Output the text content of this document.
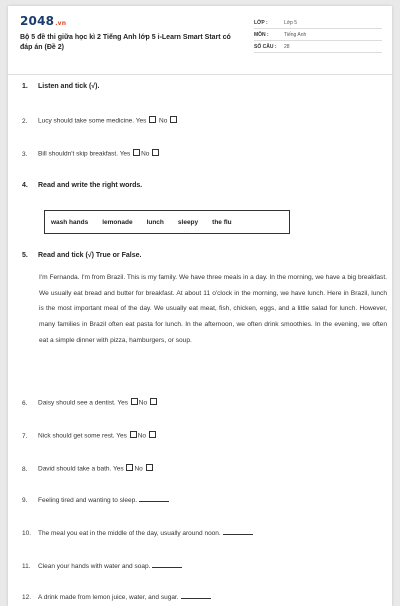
2048.vn
Bộ 5 đề thi giữa học kì 2 Tiếng Anh lớp 5 i-Learn Smart Start có đáp án (Đề 2)
LỚP :	Lớp 5
MÔN :	Tiếng Anh
SỐ CÂU :	28
1. Listen and tick (√).
2. Lucy should take some medicine. Yes No
3. Bill shouldn't skip breakfast. Yes No
4. Read and write the right words.
wash hands lemonade lunch sleepy the flu
5. Read and tick (√) True or False.
I'm Fernanda. I'm from Brazil. This is my family. We have three meals in a day. In the morning, we have a big breakfast. We usually eat bread and butter for breakfast. At about 11 o'clock in the morning, we have lunch. Here in Brazil, lunch is the most important meal of the day. We usually eat meat, fish, chicken, eggs, and a little salad for lunch. However, many families in Brazil often eat pasta for lunch. In the afternoon, we often drink smoothies. In the evening, we often eat a simple dinner with pizza, hamburgers, or soup.
6. Daisy should see a dentist. Yes No
7. Nick should get some rest. Yes No
8. David should take a bath. Yes No
9. Feeling tired and wanting to sleep.
10. The meal you eat in the middle of the day, usually around noon.
11. Clean your hands with water and soap.
12. A drink made from lemon juice, water, and sugar.
